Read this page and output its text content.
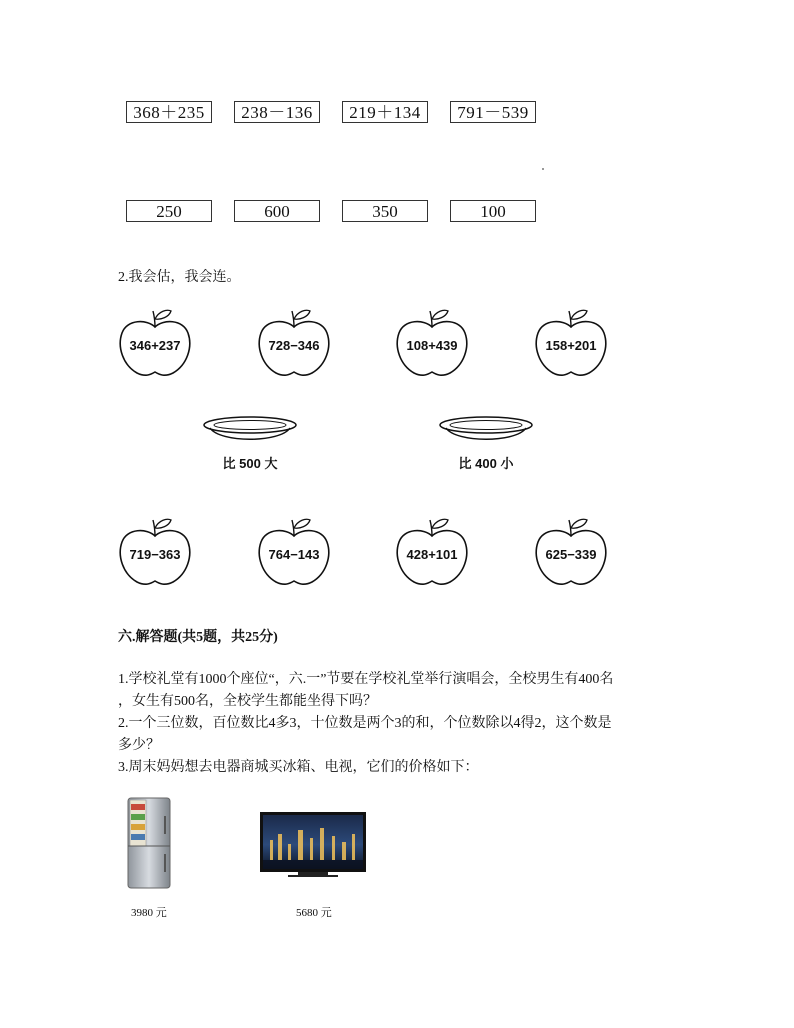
368＋235	238－136	219＋134	791－539
250	600	350	100
2.我会估，我会连。
346+237	728−346	108+439	158+201
比 500 大	比 400 小
719−363	764−143	428+101	625−339
六.解答题(共5题，共25分)
1.学校礼堂有1000个座位“，六.一”节要在学校礼堂举行演唱会，全校男生有400名
，女生有500名，全校学生都能坐得下吗？
2.一个三位数，百位数比4多3，十位数是两个3的和，个位数除以4得2，这个数是
多少？
3.周末妈妈想去电器商城买冰箱、电视，它们的价格如下：
3980 元	5680 元
